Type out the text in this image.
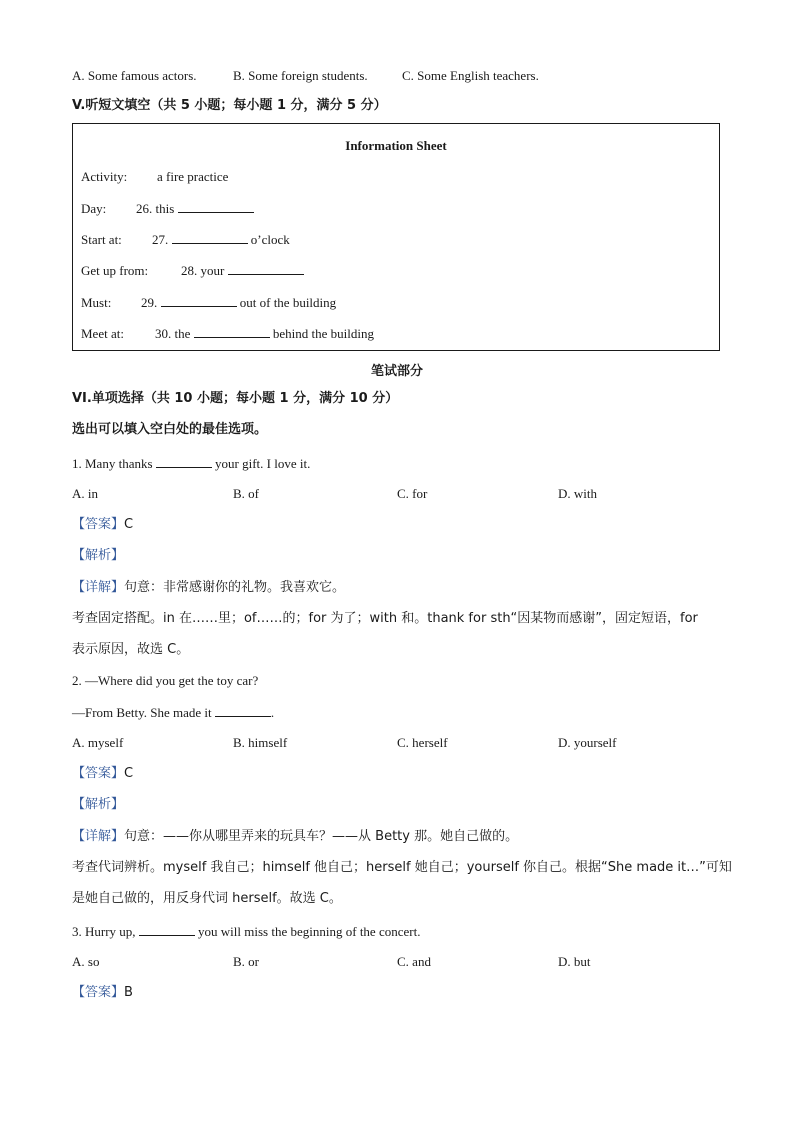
A. Some famous actors.	B. Some foreign students.	C. Some English teachers.
V.听短文填空（共 5 小题；每小题 1 分，满分 5 分）
Information Sheet
Activity: a fire practice
Day: 26. this
Start at: 27.	o’clock
Get up from:	28. your
Must: 29.	out of the building
Meet at: 30. the	behind the building
笔试部分
VI.单项选择（共 10 小题；每小题 1 分，满分 10 分）
选出可以填入空白处的最佳选项。
1. Many thanks	your gift. I love it.
A. in	B. of	C. for	D. with
【答案】C
【解析】
【详解】句意：非常感谢你的礼物。我喜欢它。
考查固定搭配。in 在……里；of……的；for 为了；with 和。thank for sth“因某物而感谢”，固定短语，for
表示原因，故选 C。
2. —Where did you get the toy car?
—From Betty. She made it	.
A. myself	B. himself	C. herself	D. yourself
【答案】C
【解析】
【详解】句意：——你从哪里弄来的玩具车？——从 Betty 那。她自己做的。
考查代词辨析。myself 我自己；himself 他自己；herself 她自己；yourself 你自己。根据“She made it…”可知
是她自己做的，用反身代词 herself。故选 C。
3. Hurry up,	you will miss the beginning of the concert.
A. so	B. or	C. and	D. but
【答案】B
